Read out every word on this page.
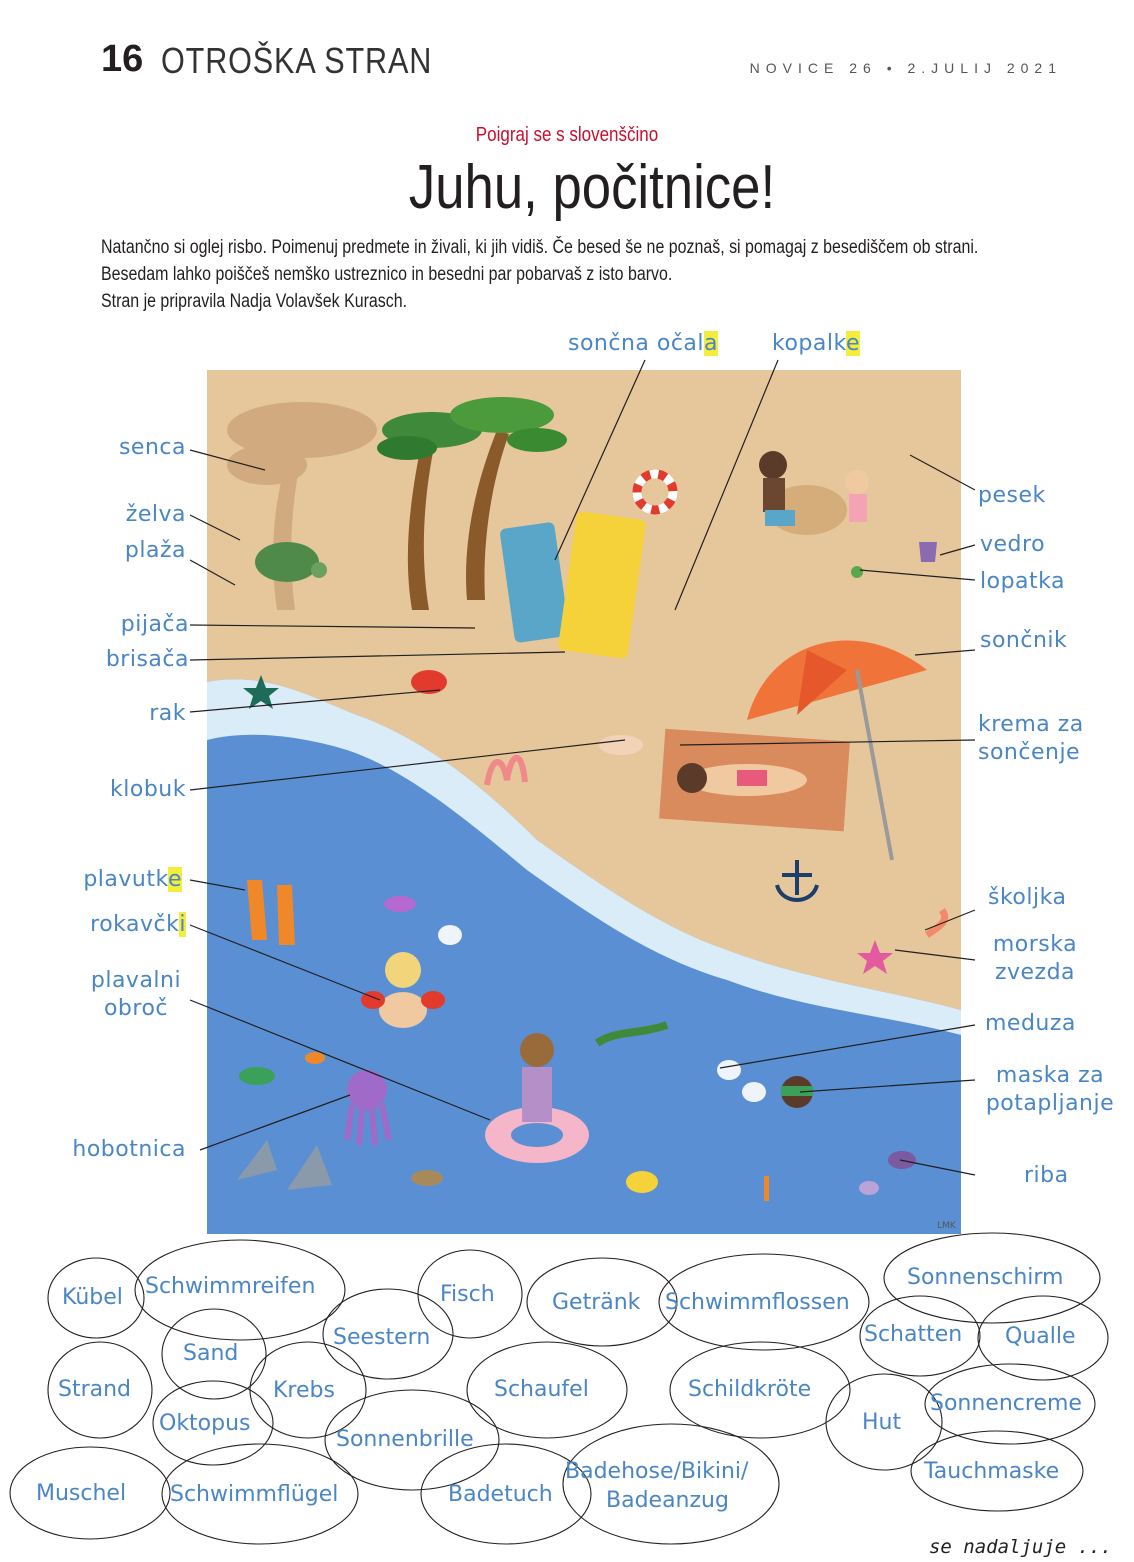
16 OTROŠKA STRAN	NOVICE 26 • 2.JULIJ 2021
Poigraj se s slovenščino
Juhu, počitnice!
Natančno si oglej risbo. Poimenuj predmete in živali, ki jih vidiš. Če besed še ne poznaš, si pomagaj z besediščem ob strani.
Besedam lahko poiščeš nemško ustreznico in besedni par pobarvaš z isto barvo.
Stran je pripravila Nadja Volavšek Kurasch.
LMK
sončna očala kopalke
senca
želva
plaža
pijača
brisača
rak
klobuk
plavutke
rokavčki
plavalni
obroč
hobotnica
pesek
vedro
lopatka
sončnik
krema za
sončenje
školjka
morska
zvezda
meduza
maska za
potapljanje
riba
Kübel Schwimmreifen	Fisch	Getränk Schwimmflossen
Sonnenschirm
Sand
Seestern	Schatten Qualle
Strand	Krebs	Schaufel	Schildkröte
Hut
Sonnencreme
Oktopus
Sonnenbrille
Muschel Schwimmflügel	Badetuch
Badehose/Bikini/
Badeanzug
Tauchmaske
se nadaljuje ...
